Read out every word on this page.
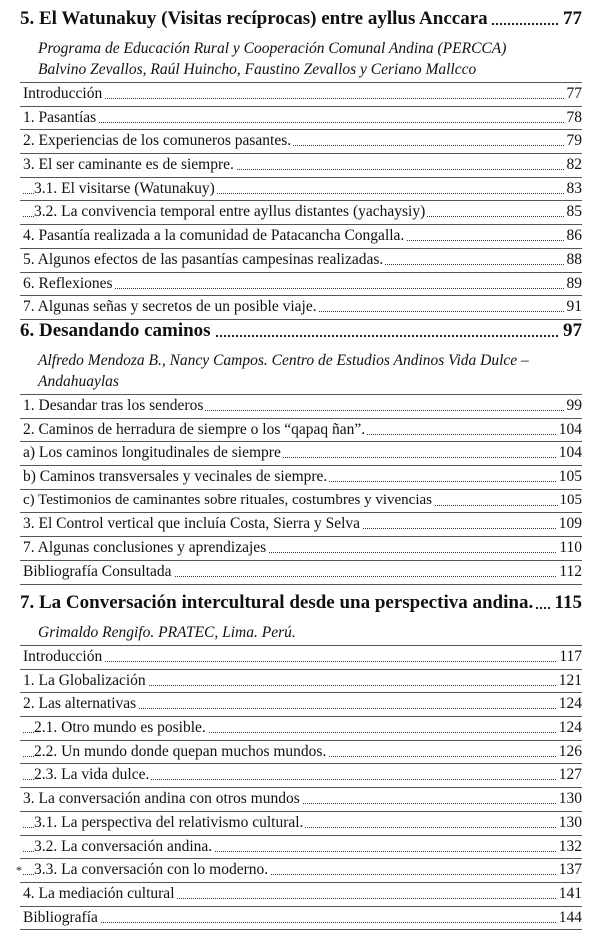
5. El Watunakuy (Visitas recíprocas) entre ayllus Anccara	77
Programa de Educación Rural y Cooperación Comunal Andina (PERCCA)
Balvino Zevallos, Raúl Huincho, Faustino Zevallos y Ceriano Mallcco
Introducción	77
1. Pasantías	78
2. Experiencias de los comuneros pasantes.	79
3. El ser caminante es de siempre.	82
3.1. El visitarse (Watunakuy)	83
3.2. La convivencia temporal entre ayllus distantes (yachaysiy)	85
4. Pasantía realizada a la comunidad de Patacancha Congalla.	86
5. Algunos efectos de las pasantías campesinas realizadas.	88
6. Reflexiones	89
7. Algunas señas y secretos de un posible viaje.	91
6. Desandando caminos	97
Alfredo Mendoza B., Nancy Campos. Centro de Estudios Andinos Vida Dulce –
Andahuaylas
1. Desandar tras los senderos	99
2. Caminos de herradura de siempre o los “qapaq ñan”.	104
a) Los caminos longitudinales de siempre	104
b) Caminos transversales y vecinales de siempre.	105
c) Testimonios de caminantes sobre rituales, costumbres y vivencias	105
3. El Control vertical que incluía Costa, Sierra y Selva	109
7. Algunas conclusiones y aprendizajes	110
Bibliografía Consultada	112
7. La Conversación intercultural desde una perspectiva andina. 115
Grimaldo Rengifo. PRATEC, Lima. Perú.
Introducción	117
1. La Globalización	121
2. Las alternativas	124
2.1. Otro mundo es posible.	124
2.2. Un mundo donde quepan muchos mundos.	126
2.3. La vida dulce.	127
3. La conversación andina con otros mundos	130
3.1. La perspectiva del relativismo cultural.	130
3.2. La conversación andina.	132
3.3. La conversación con lo moderno.	137
4. La mediación cultural	141
Bibliografía	144
*
